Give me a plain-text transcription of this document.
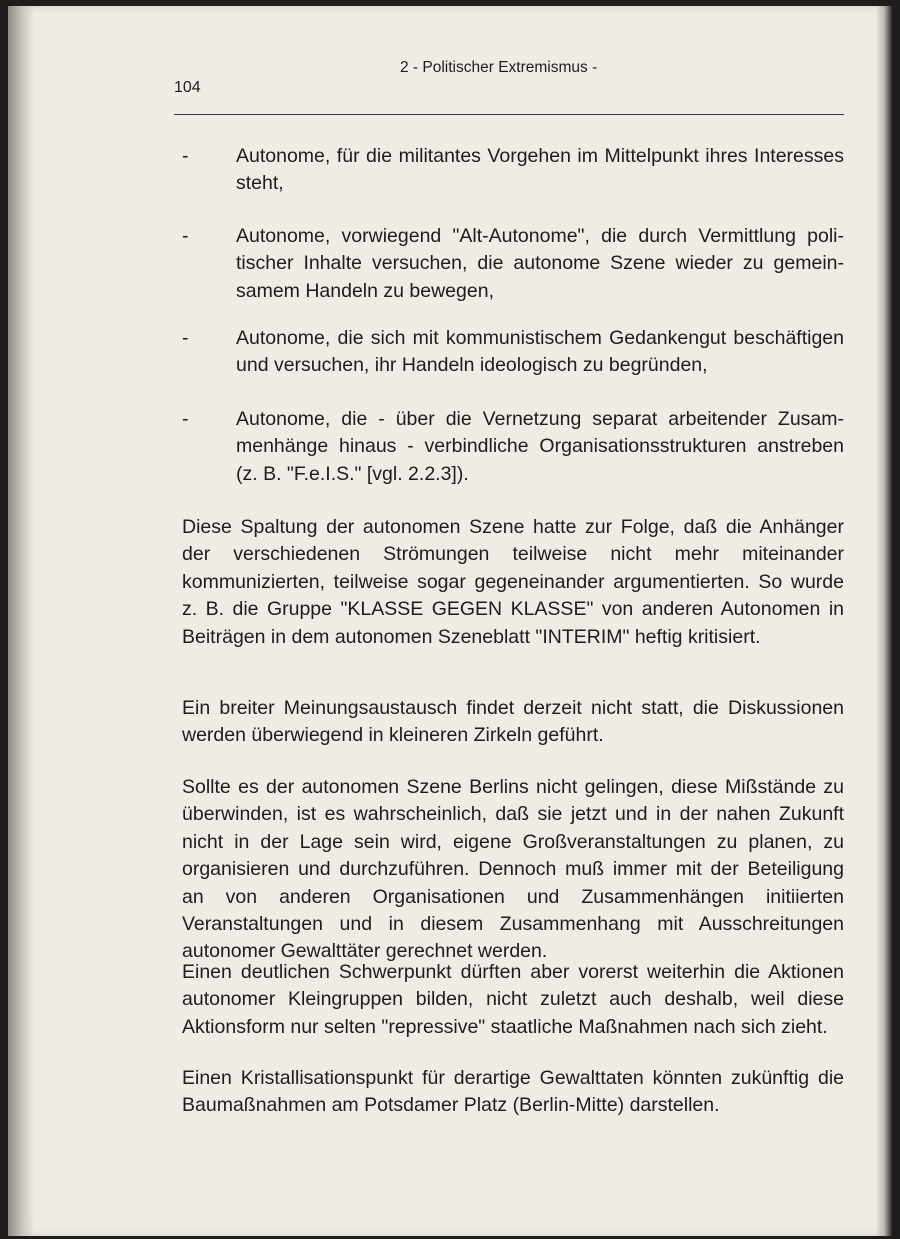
2 - Politischer Extremismus -
104
- Autonome, für die militantes Vorgehen im Mittelpunkt ihres Interesses steht,
- Autonome, vorwiegend "Alt-Autonome", die durch Vermittlung politischer Inhalte versuchen, die autonome Szene wieder zu gemeinsamem Handeln zu bewegen,
- Autonome, die sich mit kommunistischem Gedankengut beschäftigen und versuchen, ihr Handeln ideologisch zu begründen,
- Autonome, die - über die Vernetzung separat arbeitender Zusammenhänge hinaus - verbindliche Organisationsstrukturen anstreben (z. B. "F.e.I.S." [vgl. 2.2.3]).
Diese Spaltung der autonomen Szene hatte zur Folge, daß die Anhänger der verschiedenen Strömungen teilweise nicht mehr miteinander kommunizierten, teilweise sogar gegeneinander argumentierten. So wurde z. B. die Gruppe "KLASSE GEGEN KLASSE" von anderen Autonomen in Beiträgen in dem autonomen Szeneblatt "INTERIM" heftig kritisiert.
Ein breiter Meinungsaustausch findet derzeit nicht statt, die Diskussionen werden überwiegend in kleineren Zirkeln geführt.
Sollte es der autonomen Szene Berlins nicht gelingen, diese Mißstände zu überwinden, ist es wahrscheinlich, daß sie jetzt und in der nahen Zukunft nicht in der Lage sein wird, eigene Großveranstaltungen zu planen, zu organisieren und durchzuführen. Dennoch muß immer mit der Beteiligung an von anderen Organisationen und Zusammenhängen initiierten Veranstaltungen und in diesem Zusammenhang mit Ausschreitungen autonomer Gewalttäter gerechnet werden.
Einen deutlichen Schwerpunkt dürften aber vorerst weiterhin die Aktionen autonomer Kleingruppen bilden, nicht zuletzt auch deshalb, weil diese Aktionsform nur selten "repressive" staatliche Maßnahmen nach sich zieht.
Einen Kristallisationspunkt für derartige Gewalttaten könnten zukünftig die Baumaßnahmen am Potsdamer Platz (Berlin-Mitte) darstellen.
